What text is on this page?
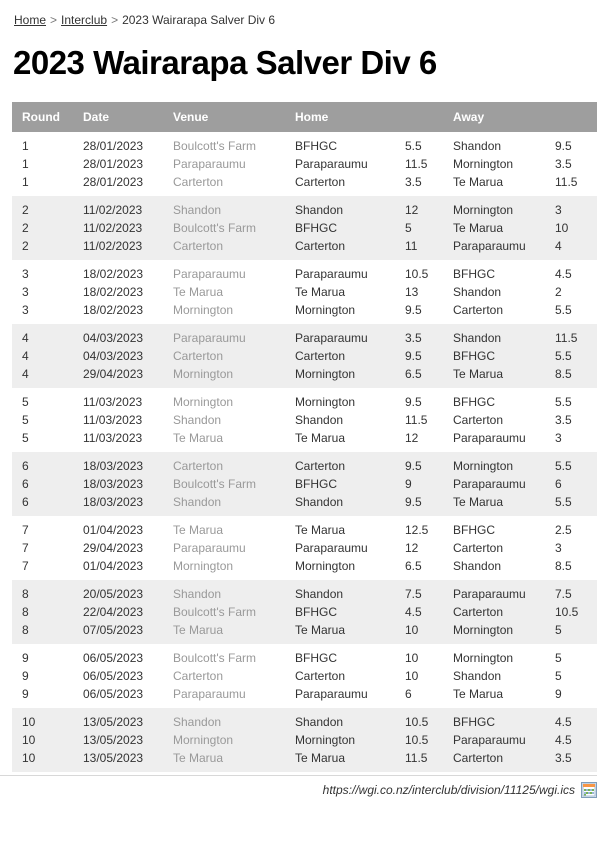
Home > Interclub > 2023 Wairarapa Salver Div 6
2023 Wairarapa Salver Div 6
Round	Date	Venue	Home	Away
1	28/01/2023	Boulcott's Farm	BFHGC	5.5	Shandon	9.5
1	28/01/2023	Paraparaumu	Paraparaumu	11.5	Mornington	3.5
1	28/01/2023	Carterton	Carterton	3.5	Te Marua	11.5
2	11/02/2023	Shandon	Shandon	12	Mornington	3
2	11/02/2023	Boulcott's Farm	BFHGC	5	Te Marua	10
2	11/02/2023	Carterton	Carterton	11	Paraparaumu	4
3	18/02/2023	Paraparaumu	Paraparaumu	10.5	BFHGC	4.5
3	18/02/2023	Te Marua	Te Marua	13	Shandon	2
3	18/02/2023	Mornington	Mornington	9.5	Carterton	5.5
4	04/03/2023	Paraparaumu	Paraparaumu	3.5	Shandon	11.5
4	04/03/2023	Carterton	Carterton	9.5	BFHGC	5.5
4	29/04/2023	Mornington	Mornington	6.5	Te Marua	8.5
5	11/03/2023	Mornington	Mornington	9.5	BFHGC	5.5
5	11/03/2023	Shandon	Shandon	11.5	Carterton	3.5
5	11/03/2023	Te Marua	Te Marua	12	Paraparaumu	3
6	18/03/2023	Carterton	Carterton	9.5	Mornington	5.5
6	18/03/2023	Boulcott's Farm	BFHGC	9	Paraparaumu	6
6	18/03/2023	Shandon	Shandon	9.5	Te Marua	5.5
7	01/04/2023	Te Marua	Te Marua	12.5	BFHGC	2.5
7	29/04/2023	Paraparaumu	Paraparaumu	12	Carterton	3
7	01/04/2023	Mornington	Mornington	6.5	Shandon	8.5
8	20/05/2023	Shandon	Shandon	7.5	Paraparaumu	7.5
8	22/04/2023	Boulcott's Farm	BFHGC	4.5	Carterton	10.5
8	07/05/2023	Te Marua	Te Marua	10	Mornington	5
9	06/05/2023	Boulcott's Farm	BFHGC	10	Mornington	5
9	06/05/2023	Carterton	Carterton	10	Shandon	5
9	06/05/2023	Paraparaumu	Paraparaumu	6	Te Marua	9
10	13/05/2023	Shandon	Shandon	10.5	BFHGC	4.5
10	13/05/2023	Mornington	Mornington	10.5	Paraparaumu	4.5
10	13/05/2023	Te Marua	Te Marua	11.5	Carterton	3.5
https://wgi.co.nz/interclub/division/11125/wgi.ics
